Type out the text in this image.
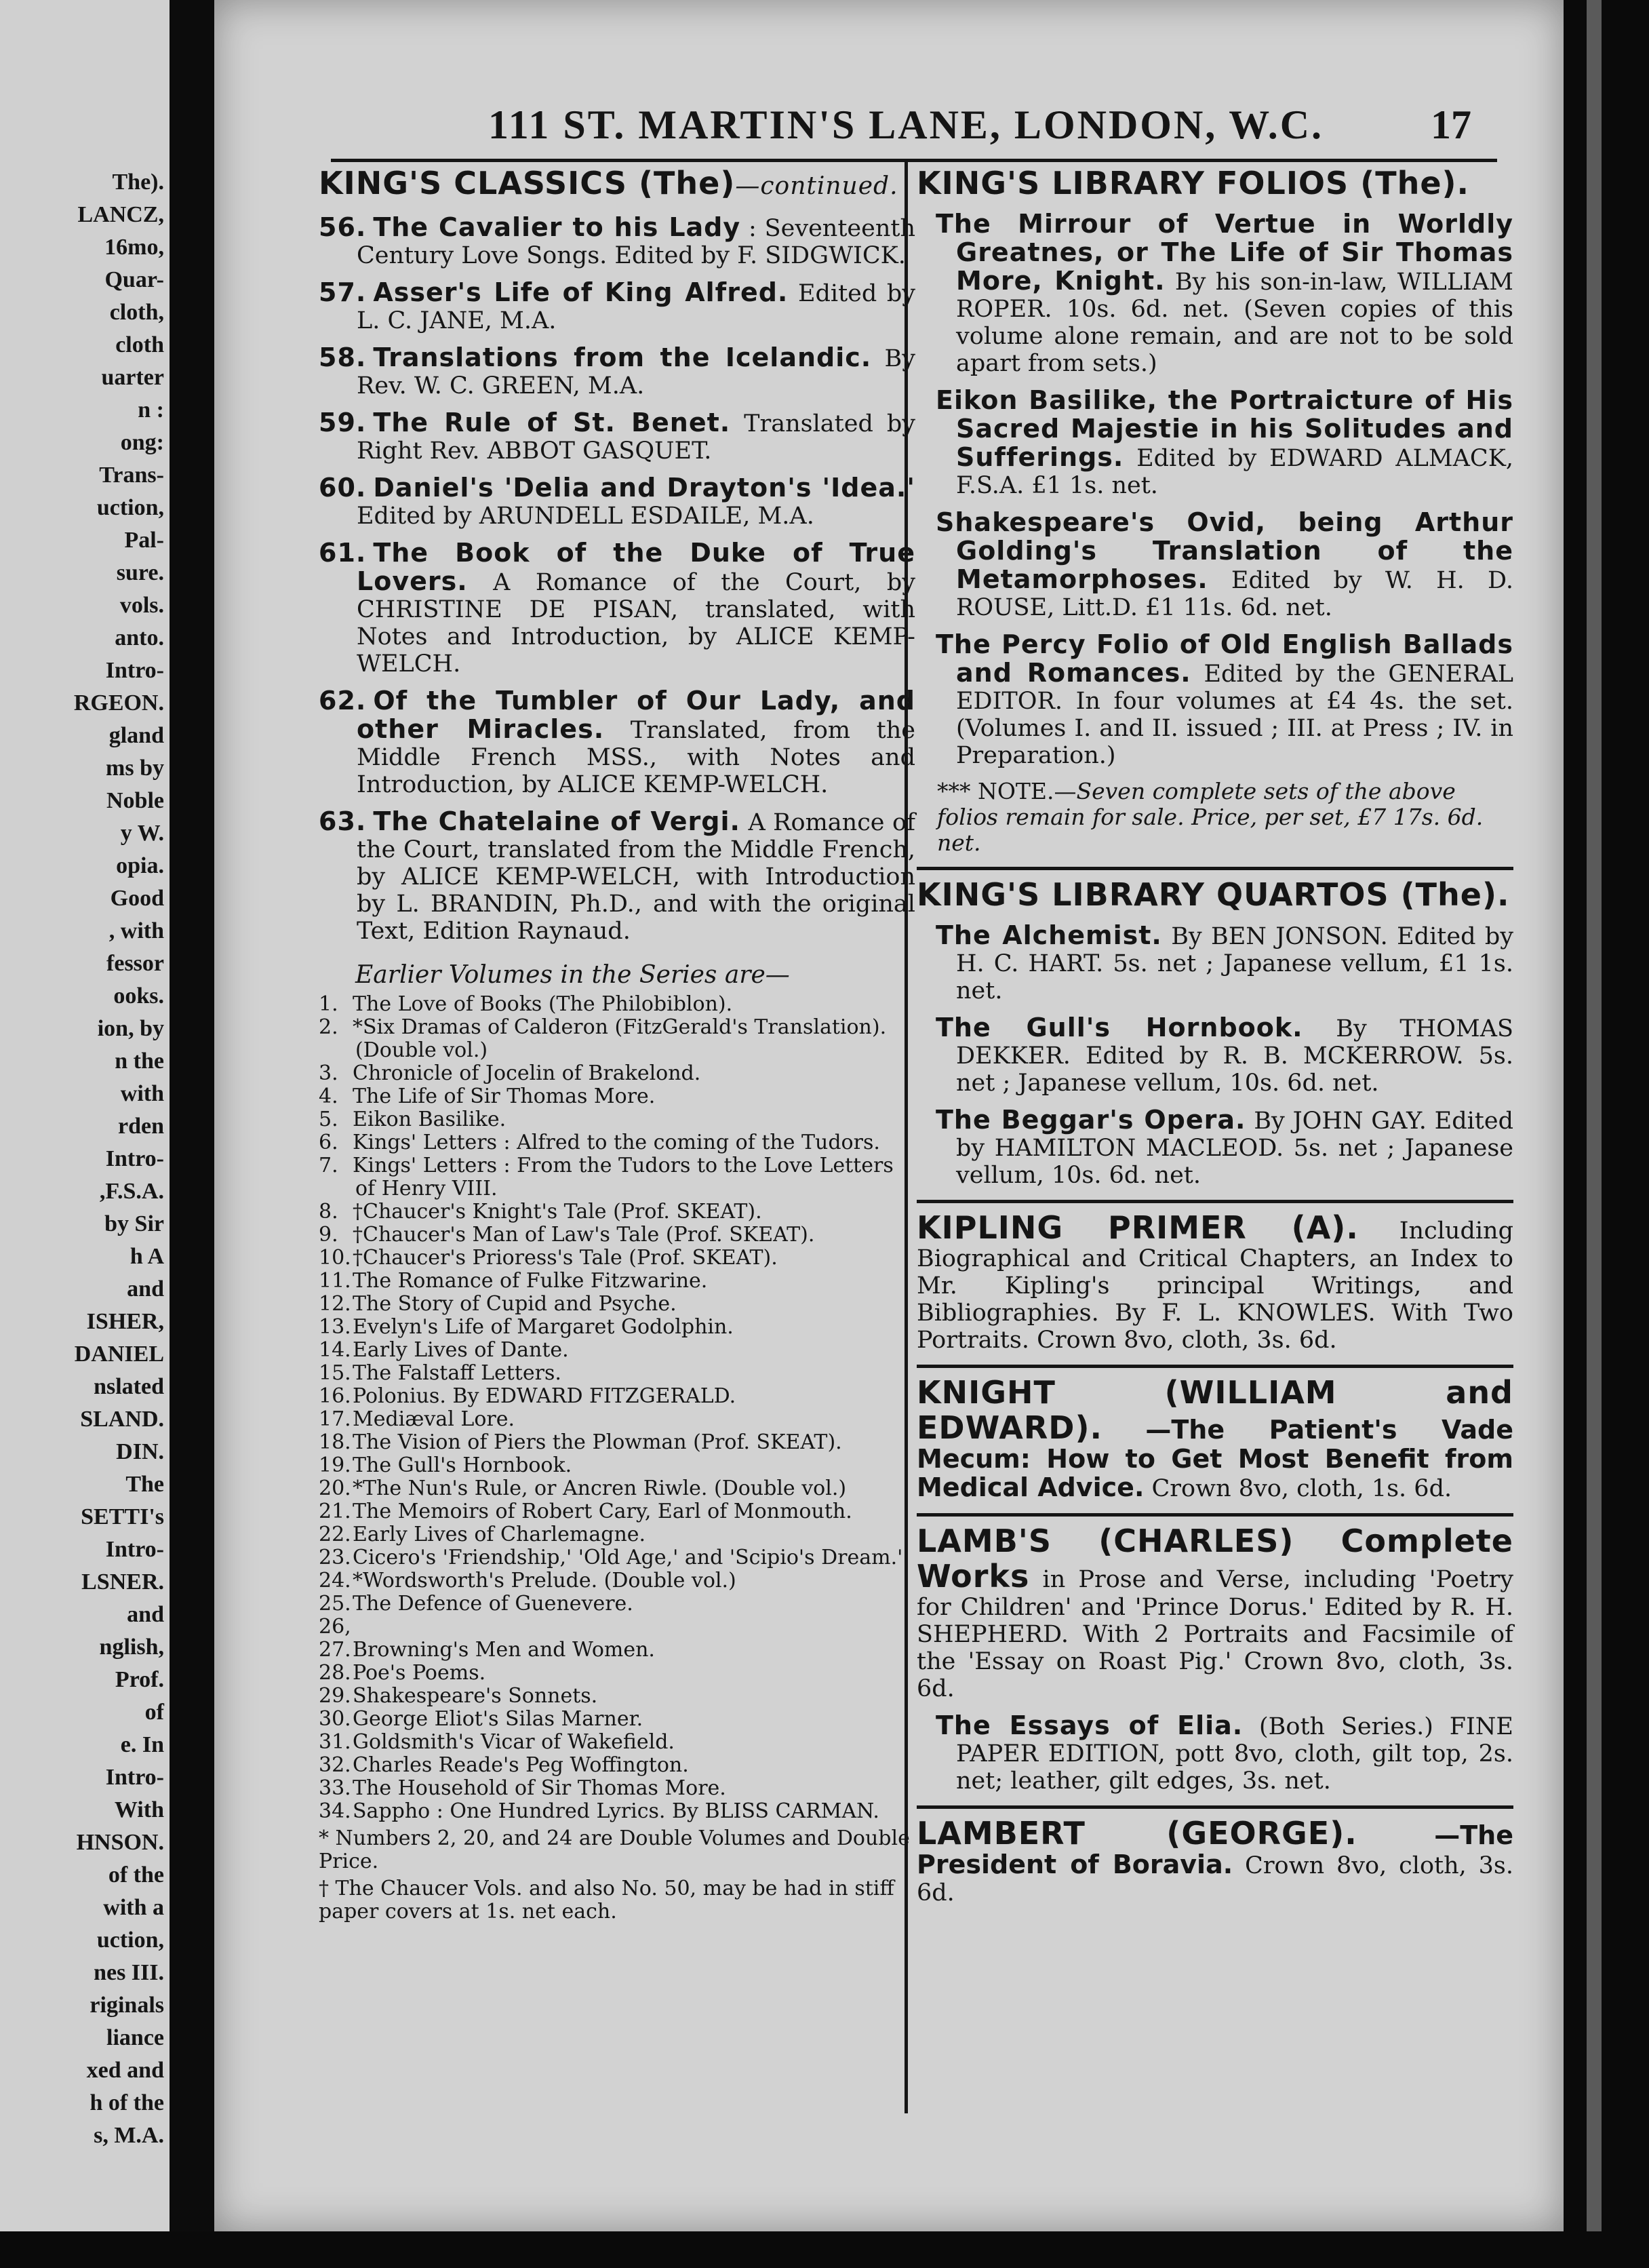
The).
LANCZ,
16mo,
Quar-
cloth,
cloth
uarter
n :
ong:
Trans-
uction,
Pal-
sure.
vols.
anto.
Intro-
RGEON.
gland
ms by
Noble
y W.
opia.
Good
, with
fessor
ooks.
ion, by
n the
with
rden
Intro-
,F.S.A.
by Sir
h A
and
ISHER,
DANIEL
nslated
SLAND.
DIN.
The
SETTI's
Intro-
LSNER.
and
nglish,
Prof.
of
e. In
Intro-
With
HNSON.
of the
with a
uction,
nes III.
riginals
liance
xed and
h of the
s, M.A.
111 ST. MARTIN'S LANE, LONDON, W.C.	17
KING'S CLASSICS (The)—continued.
56. The Cavalier to his Lady : Seventeenth Century Love Songs. Edited by F. SIDGWICK.
57. Asser's Life of King Alfred. Edited by L. C. JANE, M.A.
58. Translations from the Icelandic. By Rev. W. C. GREEN, M.A.
59. The Rule of St. Benet. Translated by Right Rev. ABBOT GASQUET.
60. Daniel's 'Delia and Drayton's 'Idea.' Edited by ARUNDELL ESDAILE, M.A.
61. The Book of the Duke of True Lovers. A Romance of the Court, by CHRISTINE DE PISAN, translated, with Notes and Introduction, by ALICE KEMP-WELCH.
62. Of the Tumbler of Our Lady, and other Miracles. Translated, from the Middle French MSS., with Notes and Introduction, by ALICE KEMP-WELCH.
63. The Chatelaine of Vergi. A Romance of the Court, translated from the Middle French, by ALICE KEMP-WELCH, with Introduction by L. BRANDIN, Ph.D., and with the original Text, Edition Raynaud.
Earlier Volumes in the Series are—
1. The Love of Books (The Philobiblon).
2. *Six Dramas of Calderon (FitzGerald's Translation). (Double vol.)
3. Chronicle of Jocelin of Brakelond.
4. The Life of Sir Thomas More.
5. Eikon Basilike.
6. Kings' Letters : Alfred to the coming of the Tudors.
7. Kings' Letters : From the Tudors to the Love Letters of Henry VIII.
8. †Chaucer's Knight's Tale (Prof. SKEAT).
9. †Chaucer's Man of Law's Tale (Prof. SKEAT).
10.†Chaucer's Prioress's Tale (Prof. SKEAT).
11.The Romance of Fulke Fitzwarine.
12.The Story of Cupid and Psyche.
13.Evelyn's Life of Margaret Godolphin.
14.Early Lives of Dante.
15.The Falstaff Letters.
16.Polonius. By EDWARD FITZGERALD.
17.Mediæval Lore.
18.The Vision of Piers the Plowman (Prof. SKEAT).
19.The Gull's Hornbook.
20.*The Nun's Rule, or Ancren Riwle. (Double vol.)
21.The Memoirs of Robert Cary, Earl of Monmouth.
22.Early Lives of Charlemagne.
23.Cicero's 'Friendship,' 'Old Age,' and 'Scipio's Dream.'
24.*Wordsworth's Prelude. (Double vol.)
25.The Defence of Guenevere.
26, 27.Browning's Men and Women.
28.Poe's Poems.
29.Shakespeare's Sonnets.
30.George Eliot's Silas Marner.
31.Goldsmith's Vicar of Wakefield.
32.Charles Reade's Peg Woffington.
33.The Household of Sir Thomas More.
34.Sappho : One Hundred Lyrics. By BLISS CARMAN.
* Numbers 2, 20, and 24 are Double Volumes and Double Price.
† The Chaucer Vols. and also No. 50, may be had in stiff paper covers at 1s. net each.
KING'S LIBRARY FOLIOS (The).
The Mirrour of Vertue in Worldly Greatnes, or The Life of Sir Thomas More, Knight. By his son-in-law, WILLIAM ROPER. 10s. 6d. net. (Seven copies of this volume alone remain, and are not to be sold apart from sets.)
Eikon Basilike, the Portraicture of His Sacred Majestie in his Solitudes and Sufferings. Edited by EDWARD ALMACK, F.S.A. £1 1s. net.
Shakespeare's Ovid, being Arthur Golding's Translation of the Metamorphoses. Edited by W. H. D. ROUSE, Litt.D. £1 11s. 6d. net.
The Percy Folio of Old English Ballads and Romances. Edited by the GENERAL EDITOR. In four volumes at £4 4s. the set. (Volumes I. and II. issued ; III. at Press ; IV. in Preparation.)
*** NOTE.—Seven complete sets of the above folios remain for sale. Price, per set, £7 17s. 6d. net.
KING'S LIBRARY QUARTOS (The).
The Alchemist. By BEN JONSON. Edited by H. C. HART. 5s. net ; Japanese vellum, £1 1s. net.
The Gull's Hornbook. By THOMAS DEKKER. Edited by R. B. MCKERROW. 5s. net ; Japanese vellum, 10s. 6d. net.
The Beggar's Opera. By JOHN GAY. Edited by HAMILTON MACLEOD. 5s. net ; Japanese vellum, 10s. 6d. net.
KIPLING PRIMER (A). Including Biographical and Critical Chapters, an Index to Mr. Kipling's principal Writings, and Bibliographies. By F. L. KNOWLES. With Two Portraits. Crown 8vo, cloth, 3s. 6d.
KNIGHT (WILLIAM and EDWARD). —The Patient's Vade Mecum: How to Get Most Benefit from Medical Advice. Crown 8vo, cloth, 1s. 6d.
LAMB'S (CHARLES) Complete Works in Prose and Verse, including 'Poetry for Children' and 'Prince Dorus.' Edited by R. H. SHEPHERD. With 2 Portraits and Facsimile of the 'Essay on Roast Pig.' Crown 8vo, cloth, 3s. 6d.
The Essays of Elia. (Both Series.) FINE PAPER EDITION, pott 8vo, cloth, gilt top, 2s. net; leather, gilt edges, 3s. net.
LAMBERT (GEORGE).	—The President of Boravia. Crown 8vo, cloth, 3s. 6d.
